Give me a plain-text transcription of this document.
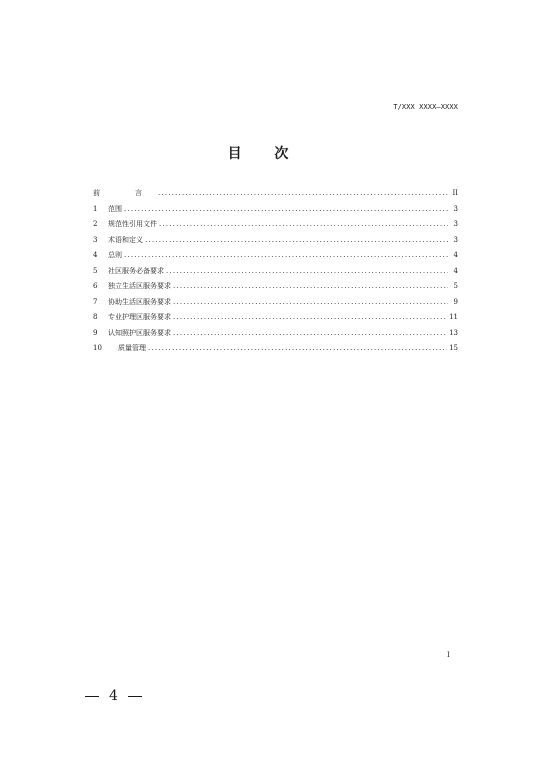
T/XXX XXXX—XXXX
目 次
前　言 .....	II
1	范围 .....	3
2	规范性引用文件 .....	3
3	术语和定义 .....	3
4	总则 .....	4
5	社区服务必备要求 .....	4
6	独立生活区服务要求 .....	5
7	协助生活区服务要求 .....	9
8	专业护理区服务要求 .....	11
9	认知照护区服务要求 .....	13
10	质量管理 .....	15
I
4
